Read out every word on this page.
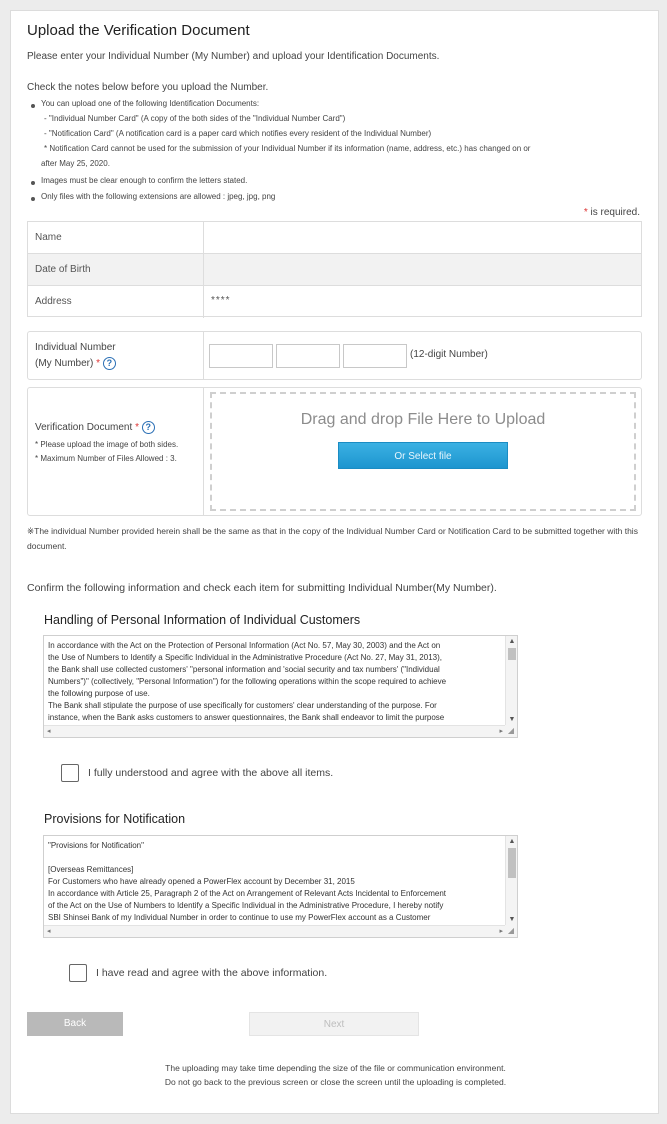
Upload the Verification Document
Please enter your Individual Number (My Number) and upload your Identification Documents.
Check the notes below before you upload the Number.
You can upload one of the following Identification Documents:
- "Individual Number Card" (A copy of the both sides of the "Individual Number Card")
- "Notification Card" (A notification card is a paper card which notifies every resident of the Individual Number)
* Notification Card cannot be used for the submission of your Individual Number if its information (name, address, etc.) has changed on or
after May 25, 2020.
Images must be clear enough to confirm the letters stated.
Only files with the following extensions are allowed : jpeg, jpg, png
* is required.
Name
Date of Birth
Address	****
Individual Number
(My Number) * ?
(12-digit Number)
Verification Document * ?
* Please upload the image of both sides.
* Maximum Number of Files Allowed : 3.
Drag and drop File Here to Upload
Or Select file
※The individual Number provided herein shall be the same as that in the copy of the Individual Number Card or Notification Card to be submitted together with this document.
Confirm the following information and check each item for submitting Individual Number(My Number).
Handling of Personal Information of Individual Customers
In accordance with the Act on the Protection of Personal Information (Act No. 57, May 30, 2003) and the Act on
the Use of Numbers to Identify a Specific Individual in the Administrative Procedure (Act No. 27, May 31, 2013),
the Bank shall use collected customers' "personal information and 'social security and tax numbers' ("Individual
Numbers")" (collectively, "Personal Information") for the following operations within the scope required to achieve
the following purpose of use.
The Bank shall stipulate the purpose of use specifically for customers' clear understanding of the purpose. For
instance, when the Bank asks customers to answer questionnaires, the Bank shall endeavor to limit the purpose
▲
▼
◂	▸ ◢
I fully understood and agree with the above all items.
Provisions for Notification
"Provisions for Notification"

[Overseas Remittances]
For Customers who have already opened a PowerFlex account by December 31, 2015
In accordance with Article 25, Paragraph 2 of the Act on Arrangement of Relevant Acts Incidental to Enforcement
of the Act on the Use of Numbers to Identify a Specific Individual in the Administrative Procedure, I hereby notify
SBI Shinsei Bank of my Individual Number in order to continue to use my PowerFlex account as a Customer
▲
▼
◂	▸ ◢
I have read and agree with the above information.
Back	Next
The uploading may take time depending the size of the file or communication environment.
Do not go back to the previous screen or close the screen until the uploading is completed.
